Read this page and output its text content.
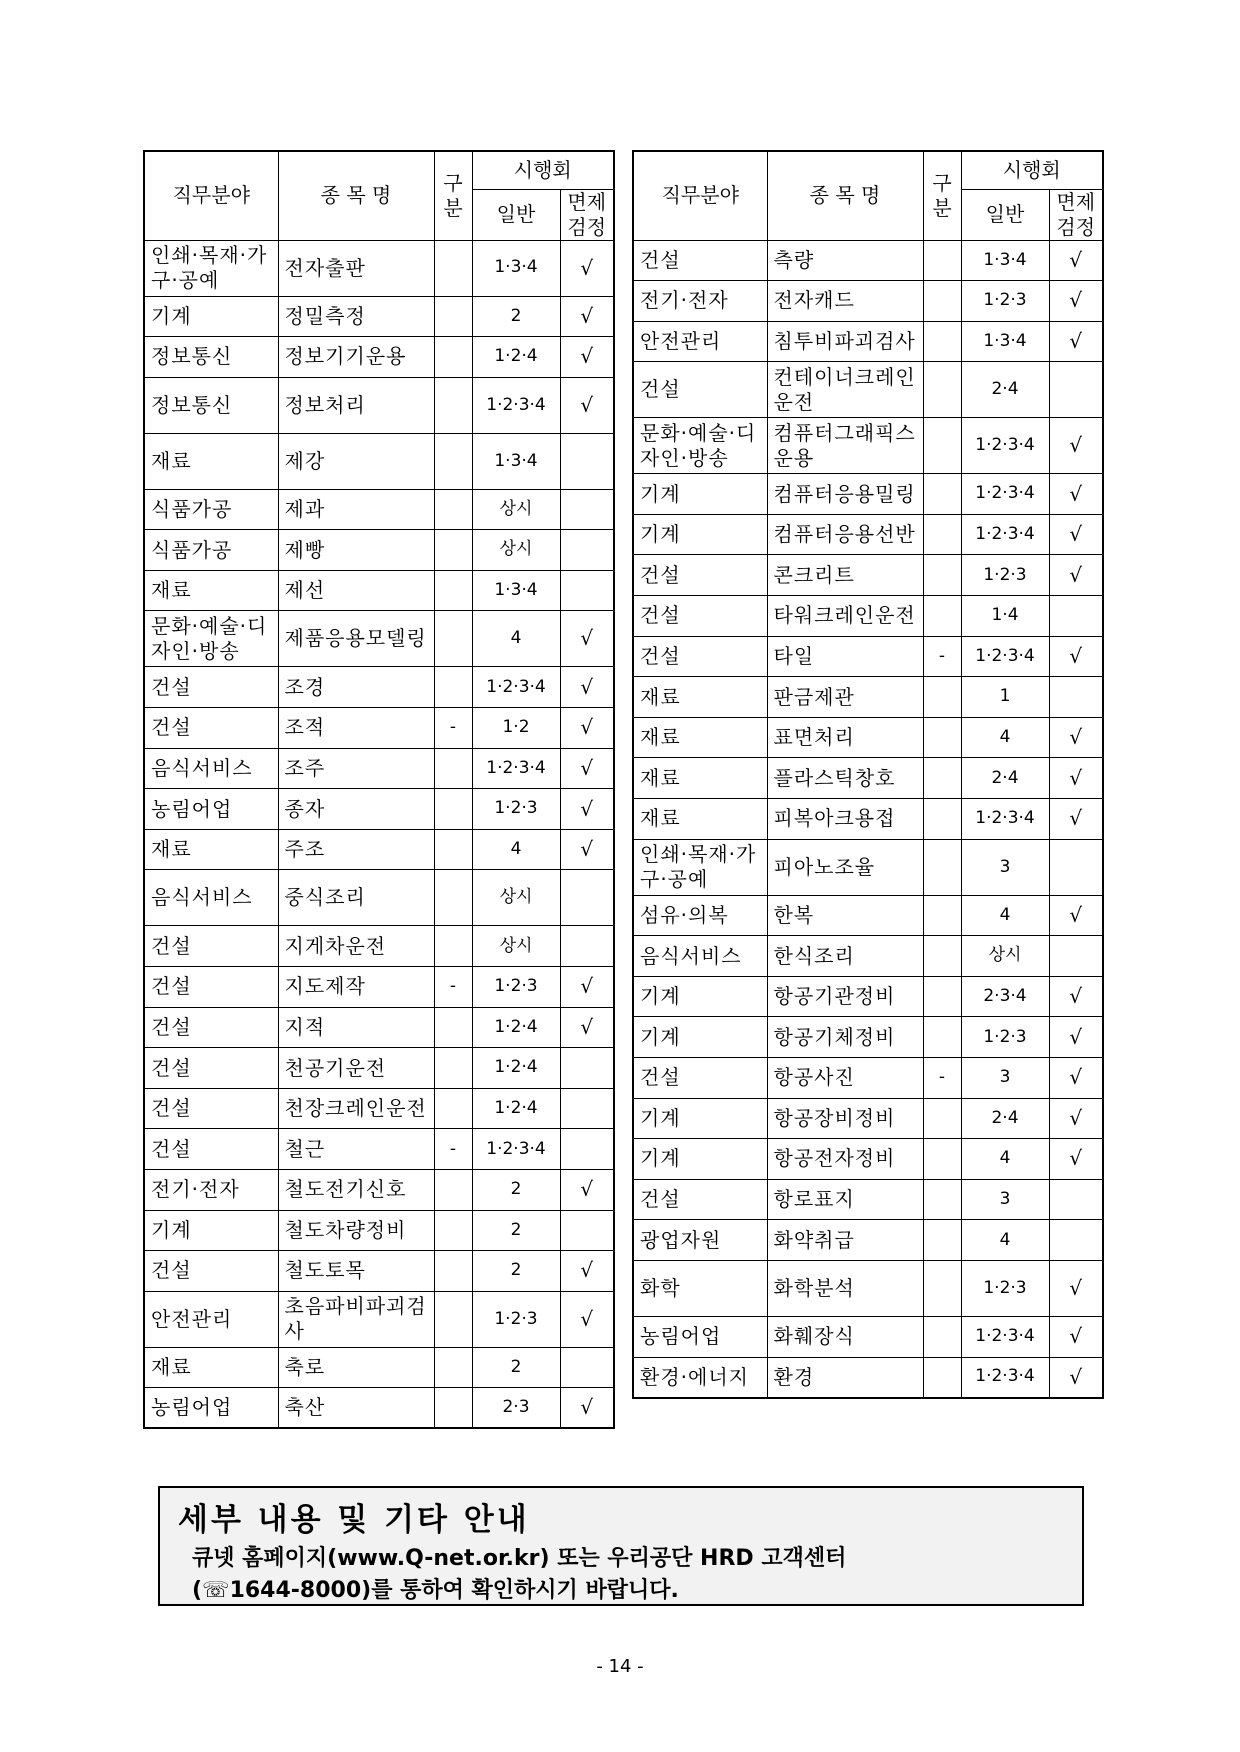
직무분야	종 목 명	구분	시행회	
			일반	면제검정
인쇄·목재·가구·공예	전자출판		1·3·4	√
기계	정밀측정		2	√
정보통신	정보기기운용		1·2·4	√
정보통신	정보처리		1·2·3·4	√
재료	제강		1·3·4	
식품가공	제과		상시	
식품가공	제빵		상시	
재료	제선		1·3·4	
문화·예술·디자인·방송	제품응용모델링		4	√
건설	조경		1·2·3·4	√
건설	조적	-	1·2	√
음식서비스	조주		1·2·3·4	√
농림어업	종자		1·2·3	√
재료	주조		4	√
음식서비스	중식조리		상시	
건설	지게차운전		상시	
건설	지도제작	-	1·2·3	√
건설	지적		1·2·4	√
건설	천공기운전		1·2·4	
건설	천장크레인운전		1·2·4	
건설	철근	-	1·2·3·4	
전기·전자	철도전기신호		2	√
기계	철도차량정비		2	
건설	철도토목		2	√
안전관리	초음파비파괴검사		1·2·3	√
재료	축로		2	
농림어업	축산		2·3	√
직무분야	종 목 명	구분	시행회	
			일반	면제검정
건설	측량		1·3·4	√
전기·전자	전자캐드		1·2·3	√
안전관리	침투비파괴검사		1·3·4	√
건설	컨테이너크레인운전		2·4	
문화·예술·디자인·방송	컴퓨터그래픽스운용		1·2·3·4	√
기계	컴퓨터응용밀링		1·2·3·4	√
기계	컴퓨터응용선반		1·2·3·4	√
건설	콘크리트		1·2·3	√
건설	타워크레인운전		1·4	
건설	타일	-	1·2·3·4	√
재료	판금제관		1	
재료	표면처리		4	√
재료	플라스틱창호		2·4	√
재료	피복아크용접		1·2·3·4	√
인쇄·목재·가구·공예	피아노조율		3	
섬유·의복	한복		4	√
음식서비스	한식조리		상시	
기계	항공기관정비		2·3·4	√
기계	항공기체정비		1·2·3	√
건설	항공사진	-	3	√
기계	항공장비정비		2·4	√
기계	항공전자정비		4	√
건설	항로표지		3	
광업자원	화약취급		4	
화학	화학분석		1·2·3	√
농림어업	화훼장식		1·2·3·4	√
환경·에너지	환경		1·2·3·4	√
세부 내용 및 기타 안내
큐넷 홈페이지(www.Q-net.or.kr) 또는 우리공단 HRD 고객센터
(☏1644-8000)를 통하여 확인하시기 바랍니다.
- 14 -
